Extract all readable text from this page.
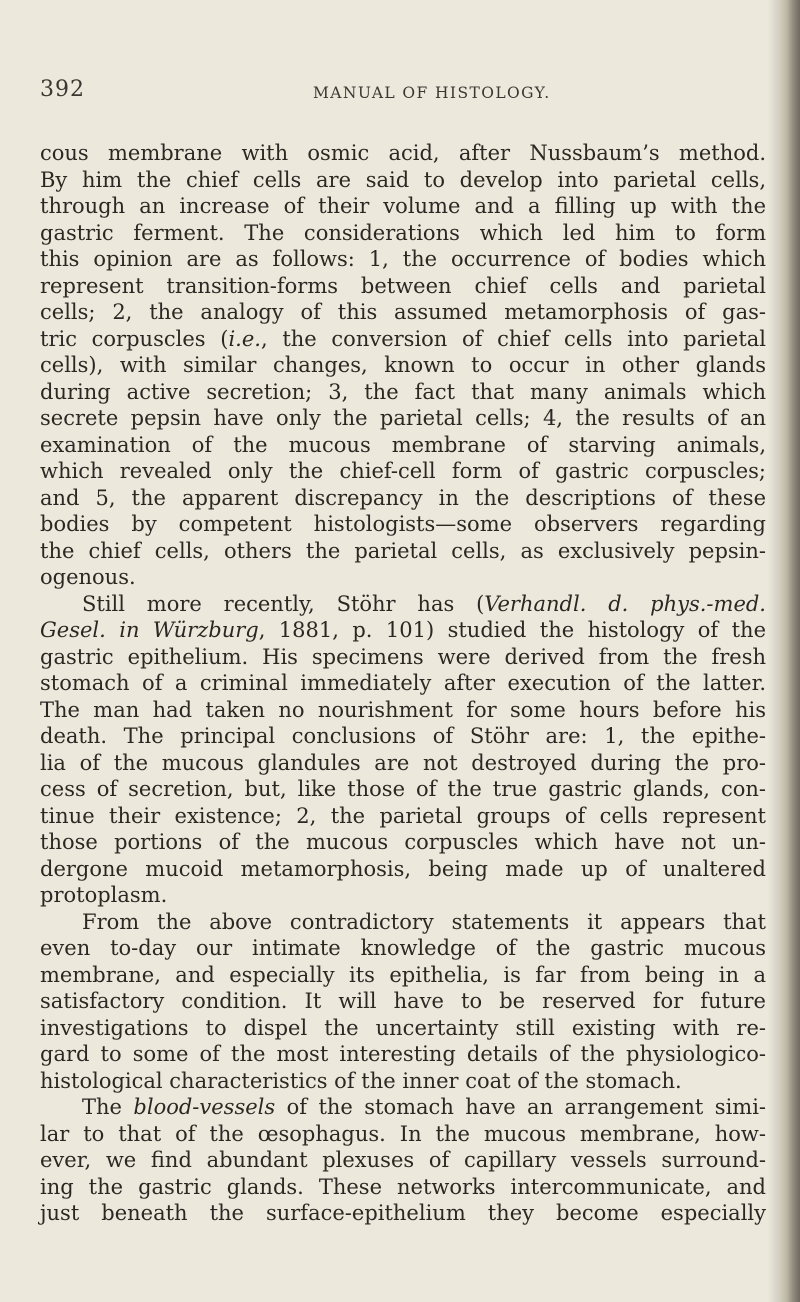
392	MANUAL OF HISTOLOGY.
cous membrane with osmic acid, after Nussbaum’s method.
By him the chief cells are said to develop into parietal cells,
through an increase of their volume and a filling up with the
gastric ferment. The considerations which led him to form
this opinion are as follows: 1, the occurrence of bodies which
represent transition-forms between chief cells and parietal
cells; 2, the analogy of this assumed metamorphosis of gas-
tric corpuscles (i.e., the conversion of chief cells into parietal
cells), with similar changes, known to occur in other glands
during active secretion; 3, the fact that many animals which
secrete pepsin have only the parietal cells; 4, the results of an
examination of the mucous membrane of starving animals,
which revealed only the chief-cell form of gastric corpuscles;
and 5, the apparent discrepancy in the descriptions of these
bodies by competent histologists—some observers regarding
the chief cells, others the parietal cells, as exclusively pepsin-
ogenous.
Still more recently, Stöhr has (Verhandl. d. phys.-med.
Gesel. in Würzburg, 1881, p. 101) studied the histology of the
gastric epithelium. His specimens were derived from the fresh
stomach of a criminal immediately after execution of the latter.
The man had taken no nourishment for some hours before his
death. The principal conclusions of Stöhr are: 1, the epithe-
lia of the mucous glandules are not destroyed during the pro-
cess of secretion, but, like those of the true gastric glands, con-
tinue their existence; 2, the parietal groups of cells represent
those portions of the mucous corpuscles which have not un-
dergone mucoid metamorphosis, being made up of unaltered
protoplasm.
From the above contradictory statements it appears that
even to-day our intimate knowledge of the gastric mucous
membrane, and especially its epithelia, is far from being in a
satisfactory condition. It will have to be reserved for future
investigations to dispel the uncertainty still existing with re-
gard to some of the most interesting details of the physiologico-
histological characteristics of the inner coat of the stomach.
The blood-vessels of the stomach have an arrangement simi-
lar to that of the œsophagus. In the mucous membrane, how-
ever, we find abundant plexuses of capillary vessels surround-
ing the gastric glands. These networks intercommunicate, and
just beneath the surface-epithelium they become especially
